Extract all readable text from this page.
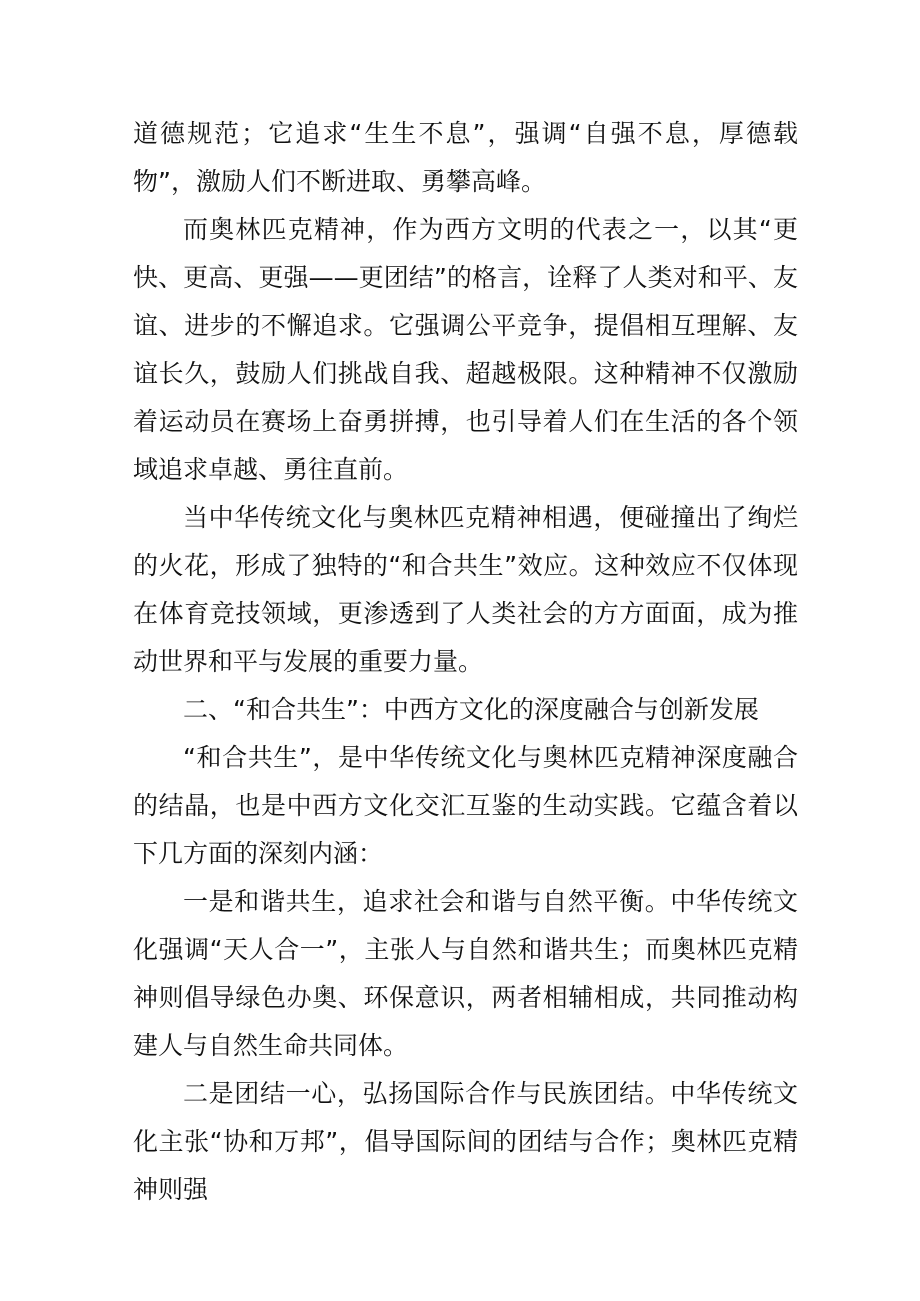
道德规范；它追求“生生不息”，强调“自强不息，厚德载物”，激励人们不断进取、勇攀高峰。

而奥林匹克精神，作为西方文明的代表之一，以其“更快、更高、更强——更团结”的格言，诠释了人类对和平、友谊、进步的不懈追求。它强调公平竞争，提倡相互理解、友谊长久，鼓励人们挑战自我、超越极限。这种精神不仅激励着运动员在赛场上奋勇拼搏，也引导着人们在生活的各个领域追求卓越、勇往直前。

当中华传统文化与奥林匹克精神相遇，便碰撞出了绚烂的火花，形成了独特的“和合共生”效应。这种效应不仅体现在体育竞技领域，更渗透到了人类社会的方方面面，成为推动世界和平与发展的重要力量。

二、“和合共生”：中西方文化的深度融合与创新发展

“和合共生”，是中华传统文化与奥林匹克精神深度融合的结晶，也是中西方文化交汇互鉴的生动实践。它蕴含着以下几方面的深刻内涵：

一是和谐共生，追求社会和谐与自然平衡。中华传统文化强调“天人合一”，主张人与自然和谐共生；而奥林匹克精神则倡导绿色办奥、环保意识，两者相辅相成，共同推动构建人与自然生命共同体。

二是团结一心，弘扬国际合作与民族团结。中华传统文化主张“协和万邦”，倡导国际间的团结与合作；奥林匹克精神则强
